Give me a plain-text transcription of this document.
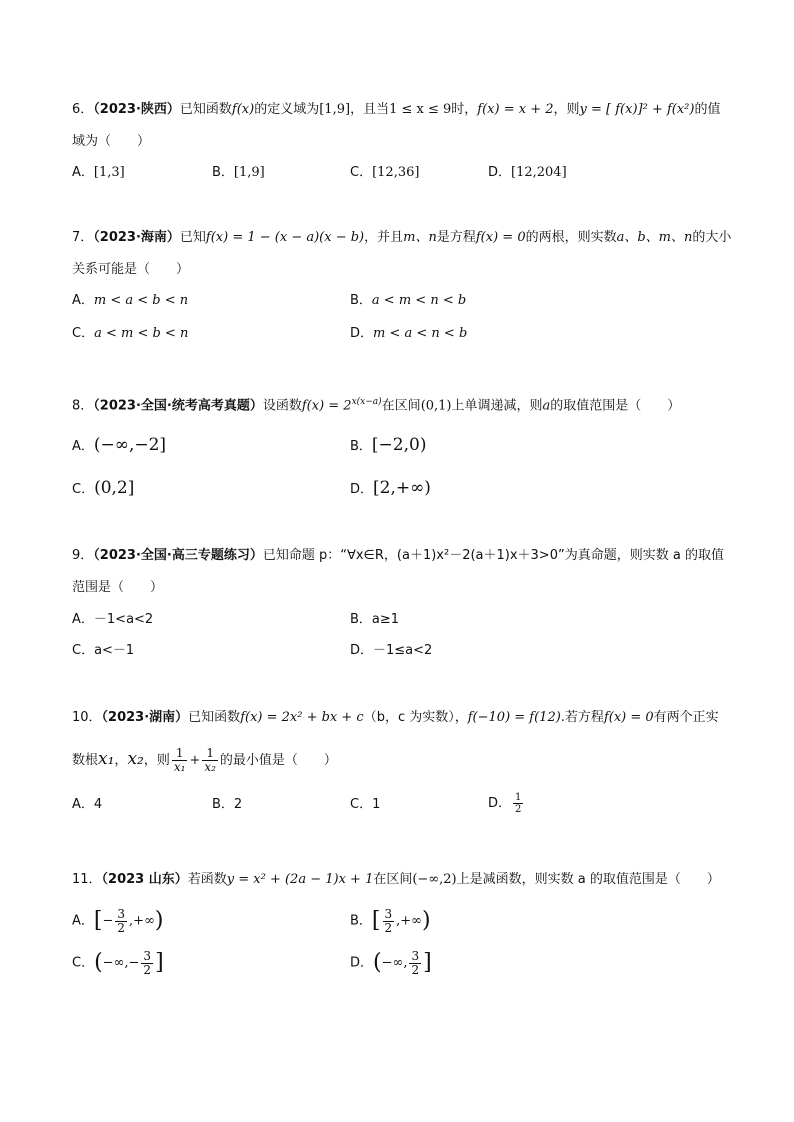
6．（2023·陕西）已知函数f(x)的定义域为[1,9]，且当1 ≤ x ≤ 9时，f(x) = x + 2，则y = [ f(x)]² + f(x²)的值
域为（　　）
A．[1,3]	B．[1,9]	C．[12,36]	D．[12,204]
7．（2023·海南）已知f(x) = 1 − (x − a)(x − b)，并且m、n是方程f(x) = 0的两根，则实数a、b、m、n的大小
关系可能是（　　）
A．m < a < b < n	B．a < m < n < b
C．a < m < b < n	D．m < a < n < b
8．（2023·全国·统考高考真题）设函数$f(x) = 2^{x(x-a)}$在区间(0,1)上单调递减，则a的取值范围是（　　）
A．(−∞,−2]	B．[−2,0)
C．(0,2]	D．[2,+∞)
9．（2023·全国·高三专题练习）已知命题 p：“∀x∈R，(a＋1)x²－2(a＋1)x＋3>0”为真命题，则实数 a 的取值
范围是（　　）
A．－1<a<2	B．a≥1
C．a<－1	D．－1≤a<2
10．（2023·湖南）已知函数f(x) = 2x² + bx + c（b，c 为实数），f(−10) = f(12).若方程f(x) = 0有两个正实
数根x₁，x₂，则 $\frac{1}{\text{x₁}} + \frac{1}{\text{x₂}}$ 的最小值是（　　）
A．4	B．2	C．1	D． $\frac{1}{2}$
11．（2023 山东）若函数y = x² + (2a − 1)x + 1在区间(−∞,2)上是减函数，则实数 a 的取值范围是（　　）
A．[− $\frac{3}{2}$ ,+∞)	B．[ $\frac{3}{2}$ ,+∞)
C．(−∞,− $\frac{3}{2}$ ]	D．(−∞, $\frac{3}{2}$ ]
